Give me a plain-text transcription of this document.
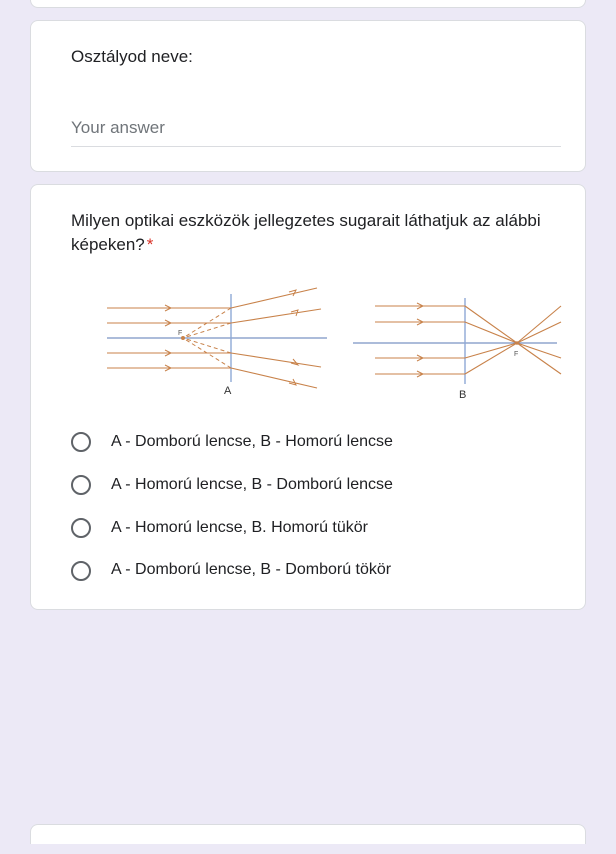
Osztályod neve:
Your answer
Milyen optikai eszközök jellegzetes sugarait láthatjuk az alábbi képeken? *
F
A
F
B
A - Domború lencse, B - Homorú lencse
A - Homorú lencse, B - Domború lencse
A - Homorú lencse, B. Homorú tükör
A - Domború lencse, B - Domború tökör
